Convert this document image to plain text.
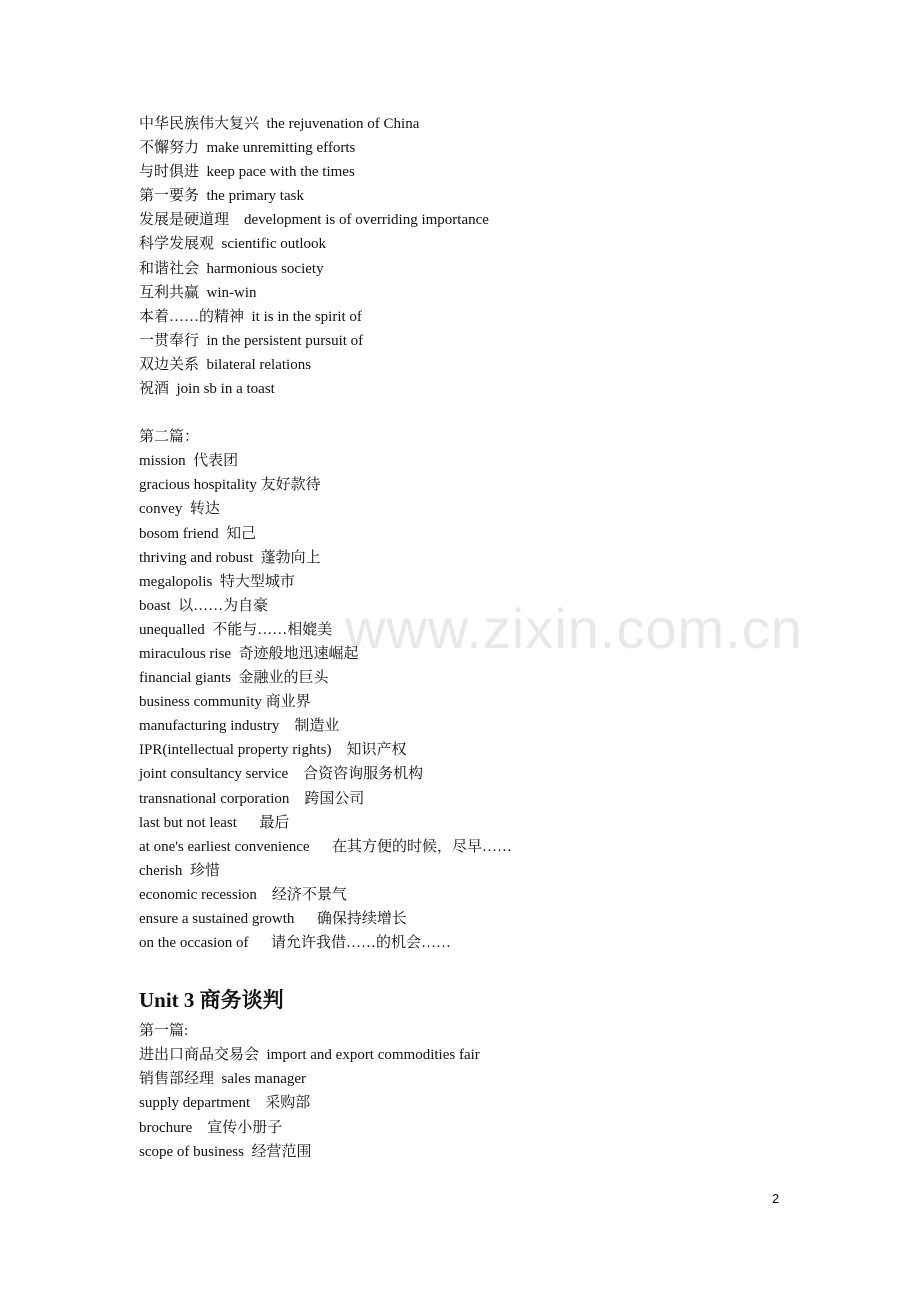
www.zixin.com.cn
中华民族伟大复兴  the rejuvenation of China
不懈努力  make unremitting efforts
与时俱进  keep pace with the times
第一要务  the primary task
发展是硬道理    development is of overriding importance
科学发展观  scientific outlook
和谐社会  harmonious society
互利共赢  win-win
本着……的精神  it is in the spirit of
一贯奉行  in the persistent pursuit of
双边关系  bilateral relations
祝酒  join sb in a toast
第二篇：
mission  代表团
gracious hospitality 友好款待
convey  转达
bosom friend  知己
thriving and robust  蓬勃向上
megalopolis  特大型城市
boast  以……为自豪
unequalled  不能与……相媲美
miraculous rise  奇迹般地迅速崛起
financial giants  金融业的巨头
business community 商业界
manufacturing industry    制造业
IPR(intellectual property rights)    知识产权
joint consultancy service    合资咨询服务机构
transnational corporation    跨国公司
last but not least      最后
at one's earliest convenience      在其方便的时候，尽早……
cherish  珍惜
economic recession    经济不景气
ensure a sustained growth      确保持续增长
on the occasion of      请允许我借……的机会……
Unit 3 商务谈判
第一篇:
进出口商品交易会  import and export commodities fair
销售部经理  sales manager
supply department    采购部
brochure    宣传小册子
scope of business  经营范围
2
